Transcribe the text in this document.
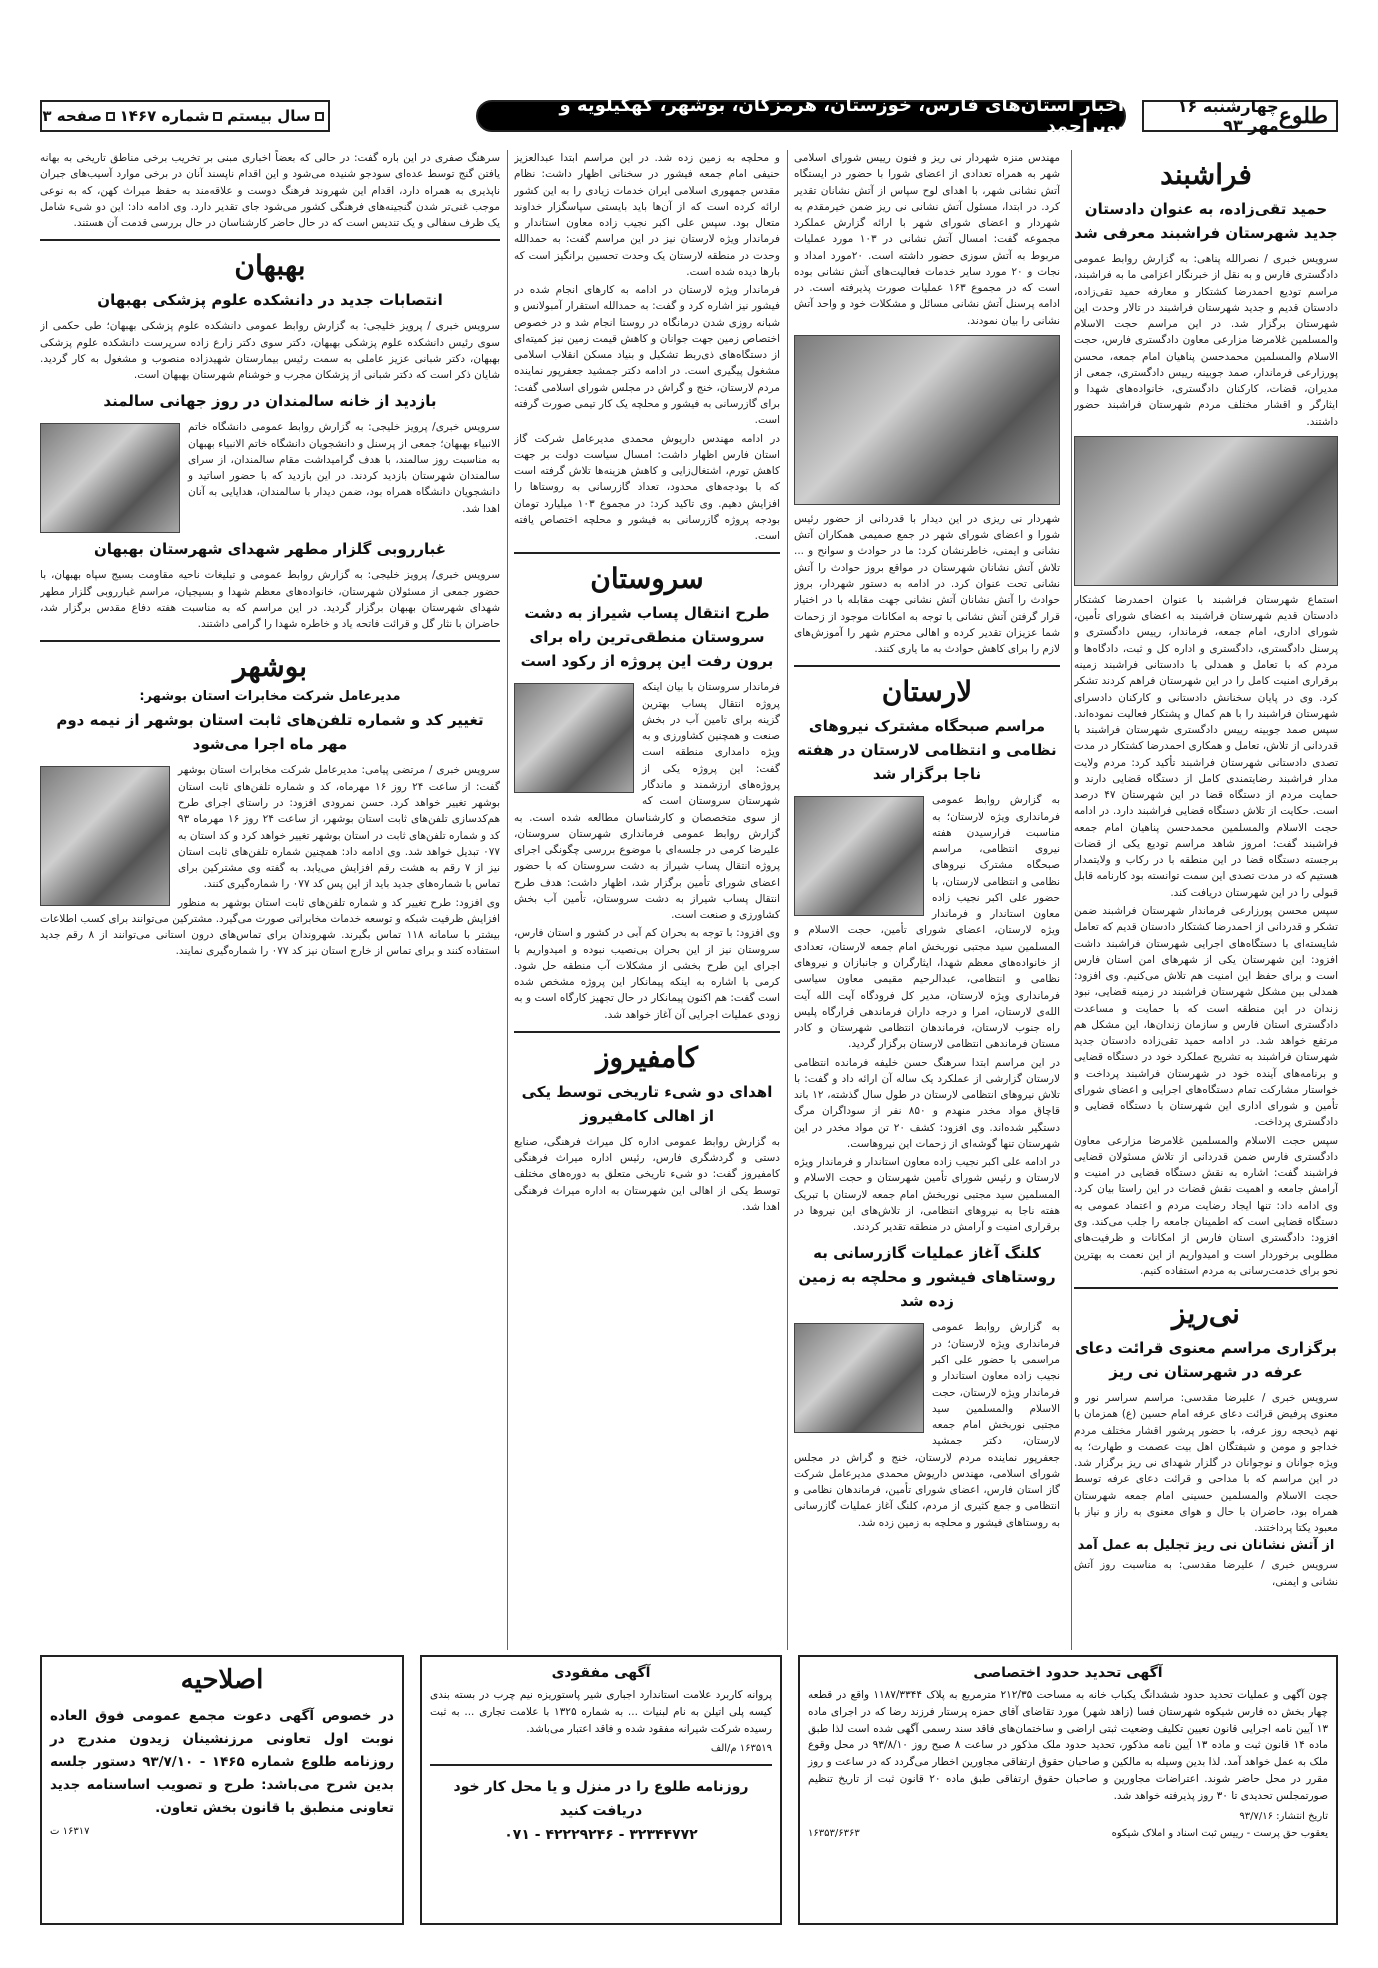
طلوع
چهارشنبه ۱۶ مهر ۹۳
اخبار استان‌های فارس، خوزستان، هرمزگان، بوشهر، کهگیلویه و بویراحمد
سال بیستم
شماره ۱۴۶۷
صفحه ۳
فراشبند
حمید تقی‌زاده، به عنوان دادستان جدید شهرستان فراشبند معرفی شد

سرویس خبری / نصرالله پناهی: به گزارش روابط عمومی دادگستری فارس و به نقل از خبرنگار اعزامی ما به فراشبند، مراسم تودیع احمدرضا کشتکار و معارفه حمید تقی‌زاده، دادستان قدیم و جدید شهرستان فراشبند در تالار وحدت این شهرستان برگزار شد. در این مراسم حجت الاسلام والمسلمین غلامرضا مزارعی معاون دادگستری فارس، حجت الاسلام والمسلمین محمدحسن پناهیان امام جمعه، محسن پورزارعی فرماندار، صمد جوبینه رییس دادگستری، جمعی از مدیران، قضات، کارکنان دادگستری، خانواده‌های شهدا و ایثارگر و اقشار مختلف مردم شهرستان فراشبند حضور داشتند.

استماع شهرستان فراشبند با عنوان احمدرضا کشتکار دادستان قدیم شهرستان فراشبند به اعضای شورای تأمین، شورای اداری، امام جمعه، فرماندار، رییس دادگستری و پرسنل دادگستری، دادگستری و اداره کل و ثبت، دادگاه‌ها و مردم که با تعامل و همدلی با دادستانی فراشبند زمینه برقراری امنیت کامل را در این شهرستان فراهم کردند تشکر کرد. وی در پایان سخنانش دادستانی و کارکنان دادسرای شهرستان فراشبند را با هم کمال و پشتکار فعالیت نموده‌اند. سپس صمد جوبینه رییس دادگستری شهرستان فراشبند با قدردانی از تلاش، تعامل و همکاری احمدرضا کشتکار در مدت تصدی دادستانی شهرستان فراشبند تأکید کرد: مردم ولایت مدار فراشبند رضایتمندی کامل از دستگاه قضایی دارند و حمایت مردم از دستگاه قضا در این شهرستان ۴۷ درصد است. حکایت از تلاش دستگاه قضایی فراشبند دارد. در ادامه حجت الاسلام والمسلمین محمدحسن پناهیان امام جمعه فراشبند گفت: امروز شاهد مراسم تودیع یکی از قضات برجسته دستگاه قضا در این منطقه با در رکاب و ولایتمدار هستیم که در مدت تصدی این سمت توانسته بود کارنامه قابل قبولی را در این شهرستان دریافت کند.

سپس محسن پورزارعی فرماندار شهرستان فراشبند ضمن تشکر و قدردانی از احمدرضا کشتکار دادستان قدیم که تعامل شایسته‌ای با دستگاه‌های اجرایی شهرستان فراشبند داشت افزود: این شهرستان یکی از شهرهای امن استان فارس است و برای حفظ این امنیت هم تلاش می‌کنیم. وی افزود: همدلی بین مشکل شهرستان فراشبند در زمینه قضایی، نبود زندان در این منطقه است که با حمایت و مساعدت دادگستری استان فارس و سازمان زندان‌ها، این مشکل هم مرتفع خواهد شد. در ادامه حمید تقی‌زاده دادستان جدید شهرستان فراشبند به تشریح عملکرد خود در دستگاه قضایی و برنامه‌های آینده خود در شهرستان فراشبند پرداخت و خواستار مشارکت تمام دستگاه‌های اجرایی و اعضای شورای تأمین و شورای اداری این شهرستان با دستگاه قضایی و دادگستری پرداخت.

سپس حجت الاسلام والمسلمین غلامرضا مزارعی معاون دادگستری فارس ضمن قدردانی از تلاش مسئولان قضایی فراشبند گفت: اشاره به نقش دستگاه قضایی در امنیت و آرامش جامعه و اهمیت نقش قضات در این راستا بیان کرد. وی ادامه داد: تنها ایجاد رضایت مردم و اعتماد عمومی به دستگاه قضایی است که اطمینان جامعه را جلب می‌کند. وی افزود: دادگستری استان فارس از امکانات و ظرفیت‌های مطلوبی برخوردار است و امیدواریم از این نعمت به بهترین نحو برای خدمت‌رسانی به مردم استفاده کنیم.

نی‌ریز
برگزاری مراسم معنوی قرائت دعای عرفه در شهرستان نی ریز

سرویس خبری / علیرضا مقدسی: مراسم سراسر نور و معنوی پرفیض قرائت دعای عرفه امام حسین (ع) همزمان با نهم ذیحجه روز عرفه، با حضور پرشور اقشار مختلف مردم خداجو و مومن و شیفتگان اهل بیت عصمت و طهارت؛ به ویژه جوانان و نوجوانان در گلزار شهدای نی ریز برگزار شد. در این مراسم که با مداحی و قرائت دعای عرفه توسط حجت الاسلام والمسلمین حسینی امام جمعه شهرستان همراه بود، حاضران با حال و هوای معنوی به راز و نیاز با معبود یکتا پرداختند.

از آتش نشانان نی ریز تجلیل به عمل آمد

سرویس خبری / علیرضا مقدسی: به مناسبت روز آتش نشانی و ایمنی،

مهندس منزه شهردار نی ریز و فنون رییس شورای اسلامی شهر به همراه تعدادی از اعضای شورا با حضور در ایستگاه آتش نشانی شهر، با اهدای لوح سپاس از آتش نشانان تقدیر کرد. در ابتدا، مسئول آتش نشانی نی ریز ضمن خیرمقدم به شهردار و اعضای شورای شهر با ارائه گزارش عملکرد مجموعه گفت: امسال آتش نشانی در ۱۰۳ مورد عملیات مربوط به آتش سوزی حضور داشته است. ۲۰مورد امداد و نجات و ۲۰ مورد سایر خدمات فعالیت‌های آتش نشانی بوده است که در مجموع ۱۶۳ عملیات صورت پذیرفته است. در ادامه پرسنل آتش نشانی مسائل و مشکلات خود و واحد آتش نشانی را بیان نمودند.

شهردار نی ریزی در این دیدار با قدردانی از حضور رئیس شورا و اعضای شورای شهر در جمع صمیمی همکاران آتش نشانی و ایمنی، خاطرنشان کرد: ما در حوادث و سوانح و ... تلاش آتش نشانان شهرستان در مواقع بروز حوادث را آتش نشانی تحت عنوان کرد. در ادامه به دستور شهردار، بروز حوادث را آتش نشانان آتش نشانی جهت مقابله با در اختیار قرار گرفتن آتش نشانی با توجه به امکانات موجود از زحمات شما عزیزان تقدیر کرده و اهالی محترم شهر را آموزش‌های لازم را برای کاهش حوادث به ما یاری کنند.

لارستان
مراسم صبحگاه مشترک نیروهای نظامی و انتظامی لارستان در هفته ناجا برگزار شد

به گزارش روابط عمومی فرمانداری ویژه لارستان؛ به مناسبت فرارسیدن هفته نیروی انتظامی، مراسم صبحگاه مشترک نیروهای نظامی و انتظامی لارستان، با حضور علی اکبر نجیب زاده معاون استاندار و فرماندار ویژه لارستان، اعضای شورای تأمین، حجت الاسلام و المسلمین سید مجتبی نوربخش امام جمعه لارستان، تعدادی از خانواده‌های معظم شهدا، ایثارگران و جانبازان و نیروهای نظامی و انتظامی، عبدالرحیم مقیمی معاون سیاسی فرمانداری ویژه لارستان، مدیر کل فرودگاه آیت الله آیت الله‌ی لارستان، امرا و درجه داران فرماندهی قرارگاه پلیس راه جنوب لارستان، فرماندهان انتظامی شهرستان و کادر مستان فرماندهی انتظامی لارستان برگزار گردید.

در این مراسم ابتدا سرهنگ حسن خلیفه فرمانده انتظامی لارستان گزارشی از عملکرد یک ساله آن ارائه داد و گفت: با تلاش نیروهای انتظامی لارستان در طول سال گذشته، ۱۲ باند قاچاق مواد مخدر منهدم و ۸۵۰ نفر از سوداگران مرگ دستگیر شده‌اند. وی افزود: کشف ۲۰ تن مواد مخدر در این شهرستان تنها گوشه‌ای از زحمات این نیروهاست.

در ادامه علی اکبر نجیب زاده معاون استاندار و فرماندار ویژه لارستان و رئیس شورای تأمین شهرستان و حجت الاسلام و المسلمین سید مجتبی نوربخش امام جمعه لارستان با تبریک هفته ناجا به نیروهای انتظامی، از تلاش‌های این نیروها در برقراری امنیت و آرامش در منطقه تقدیر کردند.

کلنگ آغاز عملیات گازرسانی به روستاهای فیشور و محلچه به زمین زده شد

به گزارش روابط عمومی فرمانداری ویژه لارستان؛ در مراسمی با حضور علی اکبر نجیب زاده معاون استاندار و فرماندار ویژه لارستان، حجت الاسلام والمسلمین سید مجتبی نوربخش امام جمعه لارستان، دکتر جمشید جعفرپور نماینده مردم لارستان، خنج و گراش در مجلس شورای اسلامی، مهندس داریوش محمدی مدیرعامل شرکت گاز استان فارس، اعضای شورای تأمین، فرماندهان نظامی و انتظامی و جمع کثیری از مردم، کلنگ آغاز عملیات گازرسانی به روستاهای فیشور و محلچه به زمین زده شد.

و محلچه به زمین زده شد. در این مراسم ابتدا عبدالعزیز حنیفی امام جمعه فیشور در سخنانی اظهار داشت: نظام مقدس جمهوری اسلامی ایران خدمات زیادی را به این کشور ارائه کرده است که از آن‌ها باید بایستی سپاسگزار خداوند متعال بود. سپس علی اکبر نجیب زاده معاون استاندار و فرماندار ویژه لارستان نیز در این مراسم گفت: به حمدالله وحدت در منطقه لارستان یک وحدت تحسین برانگیز است که بارها دیده شده است.

فرماندار ویژه لارستان در ادامه به کارهای انجام شده در فیشور نیز اشاره کرد و گفت: به حمدالله استقرار آمبولانس و شبانه روزی شدن درمانگاه در روستا انجام شد و در خصوص اختصاص زمین جهت جوانان و کاهش قیمت زمین نیز کمیته‌ای از دستگاه‌های ذی‌ربط تشکیل و بنیاد مسکن انقلاب اسلامی مشغول پیگیری است. در ادامه دکتر جمشید جعفرپور نماینده مردم لارستان، خنج و گراش در مجلس شورای اسلامی گفت: برای گازرسانی به فیشور و محلچه یک کار تیمی صورت گرفته است.

در ادامه مهندس داریوش محمدی مدیرعامل شرکت گاز استان فارس اظهار داشت: امسال سیاست دولت بر جهت کاهش تورم، اشتغال‌زایی و کاهش هزینه‌ها تلاش گرفته است که با بودجه‌های محدود، تعداد گازرسانی به روستاها را افزایش دهیم. وی تاکید کرد: در مجموع ۱۰۳ میلیارد تومان بودجه پروژه گازرسانی به فیشور و محلچه اختصاص یافته است.

سروستان
طرح انتقال پساب شیراز به دشت سروستان منطقی‌ترین راه برای برون رفت این پروژه از رکود است

فرماندار سروستان با بیان اینکه پروژه انتقال پساب بهترین گزینه برای تامین آب در بخش صنعت و همچنین کشاورزی و به ویژه دامداری منطقه است گفت: این پروژه یکی از پروژه‌های ارزشمند و ماندگار شهرستان سروستان است که از سوی متخصصان و کارشناسان مطالعه شده است. به گزارش روابط عمومی فرمانداری شهرستان سروستان، علیرضا کرمی در جلسه‌ای با موضوع بررسی چگونگی اجرای پروژه انتقال پساب شیراز به دشت سروستان که با حضور اعضای شورای تأمین برگزار شد، اظهار داشت: هدف طرح انتقال پساب شیراز به دشت سروستان، تأمین آب بخش کشاورزی و صنعت است.

وی افزود: با توجه به بحران کم آبی در کشور و استان فارس، سروستان نیز از این بحران بی‌نصیب نبوده و امیدواریم با اجرای این طرح بخشی از مشکلات آب منطقه حل شود. کرمی با اشاره به اینکه پیمانکار این پروژه مشخص شده است گفت: هم اکنون پیمانکار در حال تجهیز کارگاه است و به زودی عملیات اجرایی آن آغاز خواهد شد.

کامفیروز
اهدای دو شیء تاریخی توسط یکی از اهالی کامفیروز

به گزارش روابط عمومی اداره کل میراث فرهنگی، صنایع دستی و گردشگری فارس، رئیس اداره میراث فرهنگی کامفیروز گفت: دو شیء تاریخی متعلق به دوره‌های مختلف توسط یکی از اهالی این شهرستان به اداره میراث فرهنگی اهدا شد.

سرهنگ صفری در این باره گفت: در حالی که بعضاً اخباری مبنی بر تخریب برخی مناطق تاریخی به بهانه یافتن گنج توسط عده‌ای سودجو شنیده می‌شود و این اقدام ناپسند آنان در برخی موارد آسیب‌های جبران ناپذیری به همراه دارد، اقدام این شهروند فرهنگ دوست و علاقه‌مند به حفظ میراث کهن، که به نوعی موجب غنی‌تر شدن گنجینه‌های فرهنگی کشور می‌شود جای تقدیر دارد. وی ادامه داد: این دو شیء شامل یک ظرف سفالی و یک تندیس است که در حال حاضر کارشناسان در حال بررسی قدمت آن هستند.

بهبهان
انتصابات جدید در دانشکده علوم پزشکی بهبهان

سرویس خبری / پرویز خلیجی: به گزارش روابط عمومی دانشکده علوم پزشکی بهبهان؛ طی حکمی از سوی رئیس دانشکده علوم پزشکی بهبهان، دکتر سوی دکتر زارع زاده سرپرست دانشکده علوم پزشکی بهبهان، دکتر شبانی عزیز عاملی به سمت رئیس بیمارستان شهیدزاده منصوب و مشغول به کار گردید. شایان ذکر است که دکتر شبانی از پزشکان مجرب و خوشنام شهرستان بهبهان است.

بازدید از خانه سالمندان در روز جهانی سالمند

سرویس خبری/ پرویز خلیجی: به گزارش روابط عمومی دانشگاه خاتم الانبیاء بهبهان؛ جمعی از پرسنل و دانشجویان دانشگاه خاتم الانبیاء بهبهان به مناسبت روز سالمند، با هدف گرامیداشت مقام سالمندان، از سرای سالمندان شهرستان بازدید کردند. در این بازدید که با حضور اساتید و دانشجویان دانشگاه همراه بود، ضمن دیدار با سالمندان، هدایایی به آنان اهدا شد.

غبارروبی گلزار مطهر شهدای شهرستان بهبهان

سرویس خبری/ پرویز خلیجی: به گزارش روابط عمومی و تبلیغات ناحیه مقاومت بسیج سپاه بهبهان، با حضور جمعی از مسئولان شهرستان، خانواده‌های معظم شهدا و بسیجیان، مراسم غبارروبی گلزار مطهر شهدای شهرستان بهبهان برگزار گردید. در این مراسم که به مناسبت هفته دفاع مقدس برگزار شد، حاضران با نثار گل و قرائت فاتحه یاد و خاطره شهدا را گرامی داشتند.

بوشهر
مدیرعامل شرکت مخابرات استان بوشهر:
تغییر کد و شماره تلفن‌های ثابت استان بوشهر از نیمه دوم مهر ماه اجرا می‌شود

سرویس خبری / مرتضی پیامی: مدیرعامل شرکت مخابرات استان بوشهر گفت: از ساعت ۲۴ روز ۱۶ مهرماه، کد و شماره تلفن‌های ثابت استان بوشهر تغییر خواهد کرد. حسن نمرودی افزود: در راستای اجرای طرح هم‌کدسازی تلفن‌های ثابت استان بوشهر، از ساعت ۲۴ روز ۱۶ مهرماه ۹۳ کد و شماره تلفن‌های ثابت در استان بوشهر تغییر خواهد کرد و کد استان به ۰۷۷ تبدیل خواهد شد. وی ادامه داد: همچنین شماره تلفن‌های ثابت استان نیز از ۷ رقم به هشت رقم افزایش می‌یابد. به گفته وی مشترکین برای تماس با شماره‌های جدید باید از این پس کد ۰۷۷ را شماره‌گیری کنند.

وی افزود: طرح تغییر کد و شماره تلفن‌های ثابت استان بوشهر به منظور افزایش ظرفیت شبکه و توسعه خدمات مخابراتی صورت می‌گیرد. مشترکین می‌توانند برای کسب اطلاعات بیشتر با سامانه ۱۱۸ تماس بگیرند. شهروندان برای تماس‌های درون استانی می‌توانند از ۸ رقم جدید استفاده کنند و برای تماس از خارج استان نیز کد ۰۷۷ را شماره‌گیری نمایند.

آگهی تحدید حدود اختصاصی
چون آگهی و عملیات تحدید حدود ششدانگ یکباب خانه به مساحت ۲۱۲/۳۵ مترمربع به پلاک ۱۱۸۷/۳۳۴۴ واقع در قطعه چهار بخش ده فارس شیکوه شهرستان فسا (زاهد شهر) مورد تقاضای آقای حمزه پرستار فرزند رضا که در اجرای ماده ۱۳ آیین نامه اجرایی قانون تعیین تکلیف وضعیت ثبتی اراضی و ساختمان‌های فاقد سند رسمی آگهی شده است لذا طبق ماده ۱۴ قانون ثبت و ماده ۱۳ آیین نامه مذکور، تحدید حدود ملک مذکور در ساعت ۸ صبح روز ۹۳/۸/۱۰ در محل وقوع ملک به عمل خواهد آمد. لذا بدین وسیله به مالکین و صاحبان حقوق ارتفاقی مجاورین اخطار می‌گردد که در ساعت و روز مقرر در محل حاضر شوند. اعتراضات مجاورین و صاحبان حقوق ارتفاقی طبق ماده ۲۰ قانون ثبت از تاریخ تنظیم صورتمجلس تحدیدی تا ۳۰ روز پذیرفته خواهد شد.
تاریخ انتشار: ۹۳/۷/۱۶
یعقوب حق پرست - رییس ثبت اسناد و املاک شیکوه
۱۶۳۵۳/۶۳۶۳
آگهی مفقودی
پروانه کاربرد علامت استاندارد اجباری شیر پاستوریزه نیم چرب در بسته بندی کیسه پلی اتیلن به نام لبنیات ... به شماره ۱۳۲۵ با علامت تجاری ... به ثبت رسیده شرکت شیرانه مفقود شده و فاقد اعتبار می‌باشد.
۱۶۳۵۱۹ م/الف
روزنامه طلوع را در منزل و یا محل کار خود دریافت کنید
۰۷۱ - ۴۲۲۲۹۲۴۶ - ۳۲۳۴۴۷۷۲
اصلاحیه
در خصوص آگهی دعوت مجمع عمومی فوق العاده نوبت اول تعاونی مرزنشینان زیدون مندرج در روزنامه طلوع شماره ۱۴۶۵ - ۹۳/۷/۱۰ دستور جلسه بدین شرح می‌باشد: طرح و تصویب اساسنامه جدید تعاونی منطبق با قانون بخش تعاون.
۱۶۳۱۷ ت
